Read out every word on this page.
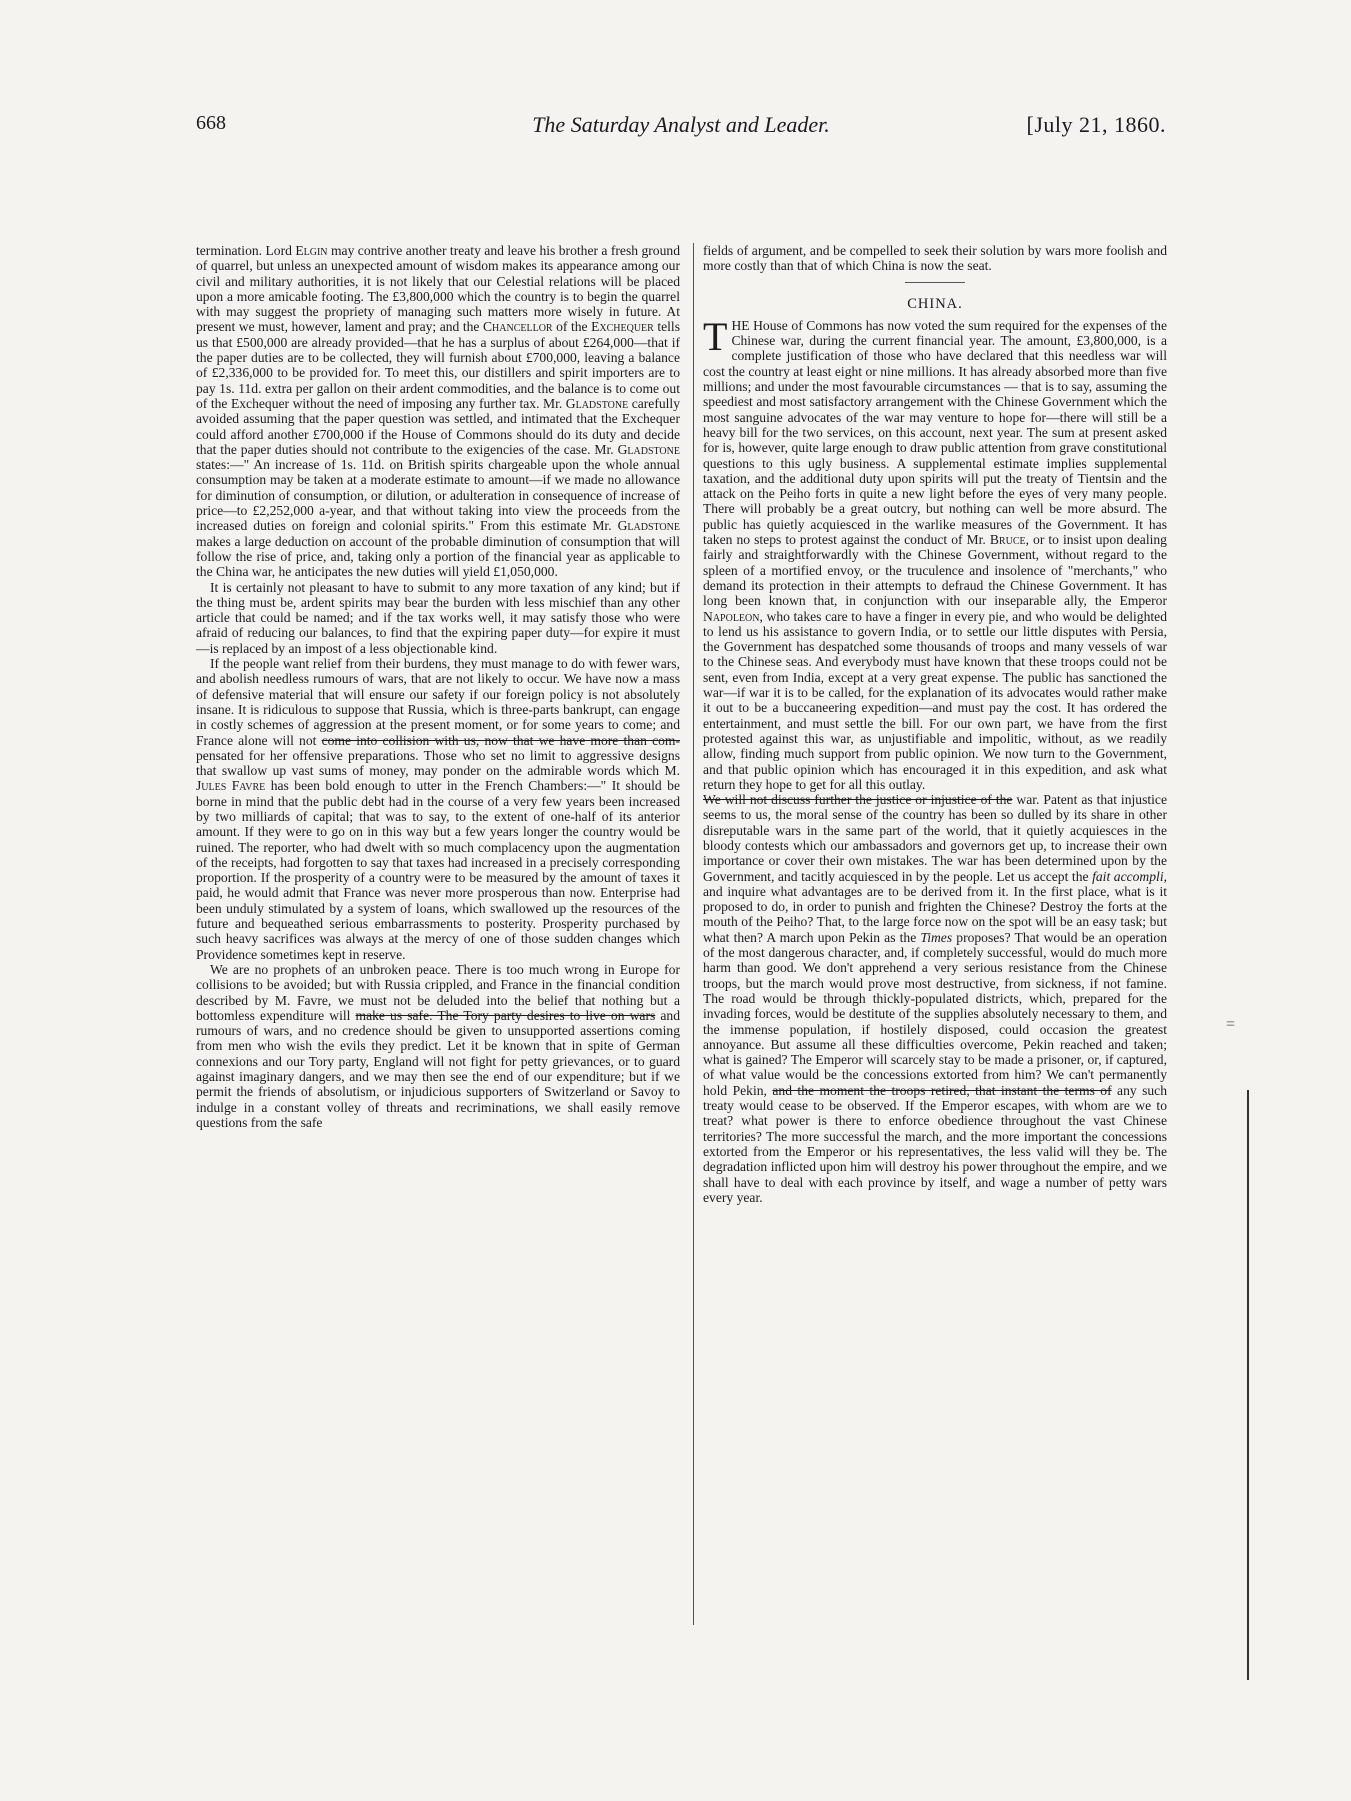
668	The Saturday Analyst and Leader.	[July 21, 1860.

termination. Lord Elgin may contrive another treaty and leave his brother a fresh ground of quarrel, but unless an unexpected amount of wisdom makes its appearance among our civil and military authorities, it is not likely that our Celestial relations will be placed upon a more amicable footing. The £3,800,000 which the country is to begin the quarrel with may suggest the propriety of managing such matters more wisely in future. At present we must, however, lament and pray; and the Chancellor of the Exchequer tells us that £500,000 are already provided—that he has a surplus of about £264,000—that if the paper duties are to be collected, they will furnish about £700,000, leaving a balance of £2,336,000 to be provided for. To meet this, our distillers and spirit importers are to pay 1s. 11d. extra per gallon on their ardent commodities, and the balance is to come out of the Exchequer without the need of imposing any further tax. Mr. Gladstone carefully avoided assuming that the paper question was settled, and intimated that the Exchequer could afford another £700,000 if the House of Commons should do its duty and decide that the paper duties should not contribute to the exigencies of the case. Mr. Gladstone states:—" An increase of 1s. 11d. on British spirits chargeable upon the whole annual consumption may be taken at a moderate estimate to amount—if we made no allowance for diminution of consumption, or dilution, or adulteration in consequence of increase of price—to £2,252,000 a-year, and that without taking into view the proceeds from the increased duties on foreign and colonial spirits." From this estimate Mr. Gladstone makes a large deduction on account of the probable diminution of consumption that will follow the rise of price, and, taking only a portion of the financial year as applicable to the China war, he anticipates the new duties will yield £1,050,000.

It is certainly not pleasant to have to submit to any more taxation of any kind; but if the thing must be, ardent spirits may bear the burden with less mischief than any other article that could be named; and if the tax works well, it may satisfy those who were afraid of reducing our balances, to find that the expiring paper duty—for expire it must—is replaced by an impost of a less objectionable kind.

If the people want relief from their burdens, they must manage to do with fewer wars, and abolish needless rumours of wars, that are not likely to occur. We have now a mass of defensive material that will ensure our safety if our foreign policy is not absolutely insane. It is ridiculous to suppose that Russia, which is three-parts bankrupt, can engage in costly schemes of aggression at the present moment, or for some years to come; and France alone will not come into collision with us, now that we have more than com-pensated for her offensive preparations. Those who set no limit to aggressive designs that swallow up vast sums of money, may ponder on the admirable words which M. Jules Favre has been bold enough to utter in the French Chambers:—" It should be borne in mind that the public debt had in the course of a very few years been increased by two milliards of capital; that was to say, to the extent of one-half of its anterior amount. If they were to go on in this way but a few years longer the country would be ruined. The reporter, who had dwelt with so much complacency upon the augmentation of the receipts, had forgotten to say that taxes had increased in a precisely corresponding proportion. If the prosperity of a country were to be measured by the amount of taxes it paid, he would admit that France was never more prosperous than now. Enterprise had been unduly stimulated by a system of loans, which swallowed up the resources of the future and bequeathed serious embarrassments to posterity. Prosperity purchased by such heavy sacrifices was always at the mercy of one of those sudden changes which Providence sometimes kept in reserve.

We are no prophets of an unbroken peace. There is too much wrong in Europe for collisions to be avoided; but with Russia crippled, and France in the financial condition described by M. Favre, we must not be deluded into the belief that nothing but a bottomless expenditure will make us safe. The Tory party desires to live on wars and rumours of wars, and no credence should be given to unsupported assertions coming from men who wish the evils they predict. Let it be known that in spite of German connexions and our Tory party, England will not fight for petty grievances, or to guard against imaginary dangers, and we may then see the end of our expenditure; but if we permit the friends of absolutism, or injudicious supporters of Switzerland or Savoy to indulge in a constant volley of threats and recriminations, we shall easily remove questions from the safe

fields of argument, and be compelled to seek their solution by wars more foolish and more costly than that of which China is now the seat.

CHINA.

THE House of Commons has now voted the sum required for the expenses of the Chinese war, during the current financial year. The amount, £3,800,000, is a complete justification of those who have declared that this needless war will cost the country at least eight or nine millions. It has already absorbed more than five millions; and under the most favourable circumstances — that is to say, assuming the speediest and most satisfactory arrangement with the Chinese Government which the most sanguine advocates of the war may venture to hope for—there will still be a heavy bill for the two services, on this account, next year. The sum at present asked for is, however, quite large enough to draw public attention from grave constitutional questions to this ugly business. A supplemental estimate implies supplemental taxation, and the additional duty upon spirits will put the treaty of Tientsin and the attack on the Peiho forts in quite a new light before the eyes of very many people. There will probably be a great outcry, but nothing can well be more absurd. The public has quietly acquiesced in the warlike measures of the Government. It has taken no steps to protest against the conduct of Mr. Bruce, or to insist upon dealing fairly and straightforwardly with the Chinese Government, without regard to the spleen of a mortified envoy, or the truculence and insolence of "merchants," who demand its protection in their attempts to defraud the Chinese Government. It has long been known that, in conjunction with our inseparable ally, the Emperor Napoleon, who takes care to have a finger in every pie, and who would be delighted to lend us his assistance to govern India, or to settle our little disputes with Persia, the Government has despatched some thousands of troops and many vessels of war to the Chinese seas. And everybody must have known that these troops could not be sent, even from India, except at a very great expense. The public has sanctioned the war—if war it is to be called, for the explanation of its advocates would rather make it out to be a buccaneering expedition—and must pay the cost. It has ordered the entertainment, and must settle the bill. For our own part, we have from the first protested against this war, as unjustifiable and impolitic, without, as we readily allow, finding much support from public opinion. We now turn to the Government, and that public opinion which has encouraged it in this expedition, and ask what return they hope to get for all this outlay.

We will not discuss further the justice or injustice of the war. Patent as that injustice seems to us, the moral sense of the country has been so dulled by its share in other disreputable wars in the same part of the world, that it quietly acquiesces in the bloody contests which our ambassadors and governors get up, to increase their own importance or cover their own mistakes. The war has been determined upon by the Government, and tacitly acquiesced in by the people. Let us accept the fait accompli, and inquire what advantages are to be derived from it. In the first place, what is it proposed to do, in order to punish and frighten the Chinese? Destroy the forts at the mouth of the Peiho? That, to the large force now on the spot will be an easy task; but what then? A march upon Pekin as the Times proposes? That would be an operation of the most dangerous character, and, if completely successful, would do much more harm than good. We don't apprehend a very serious resistance from the Chinese troops, but the march would prove most destructive, from sickness, if not famine. The road would be through thickly-populated districts, which, prepared for the invading forces, would be destitute of the supplies absolutely necessary to them, and the immense population, if hostilely disposed, could occasion the greatest annoyance. But assume all these difficulties overcome, Pekin reached and taken; what is gained? The Emperor will scarcely stay to be made a prisoner, or, if captured, of what value would be the concessions extorted from him? We can't permanently hold Pekin, and the moment the troops retired, that instant the terms of any such treaty would cease to be observed. If the Emperor escapes, with whom are we to treat? what power is there to enforce obedience throughout the vast Chinese territories? The more successful the march, and the more important the concessions extorted from the Emperor or his representatives, the less valid will they be. The degradation inflicted upon him will destroy his power throughout the empire, and we shall have to deal with each province by itself, and wage a number of petty wars every year.

=
